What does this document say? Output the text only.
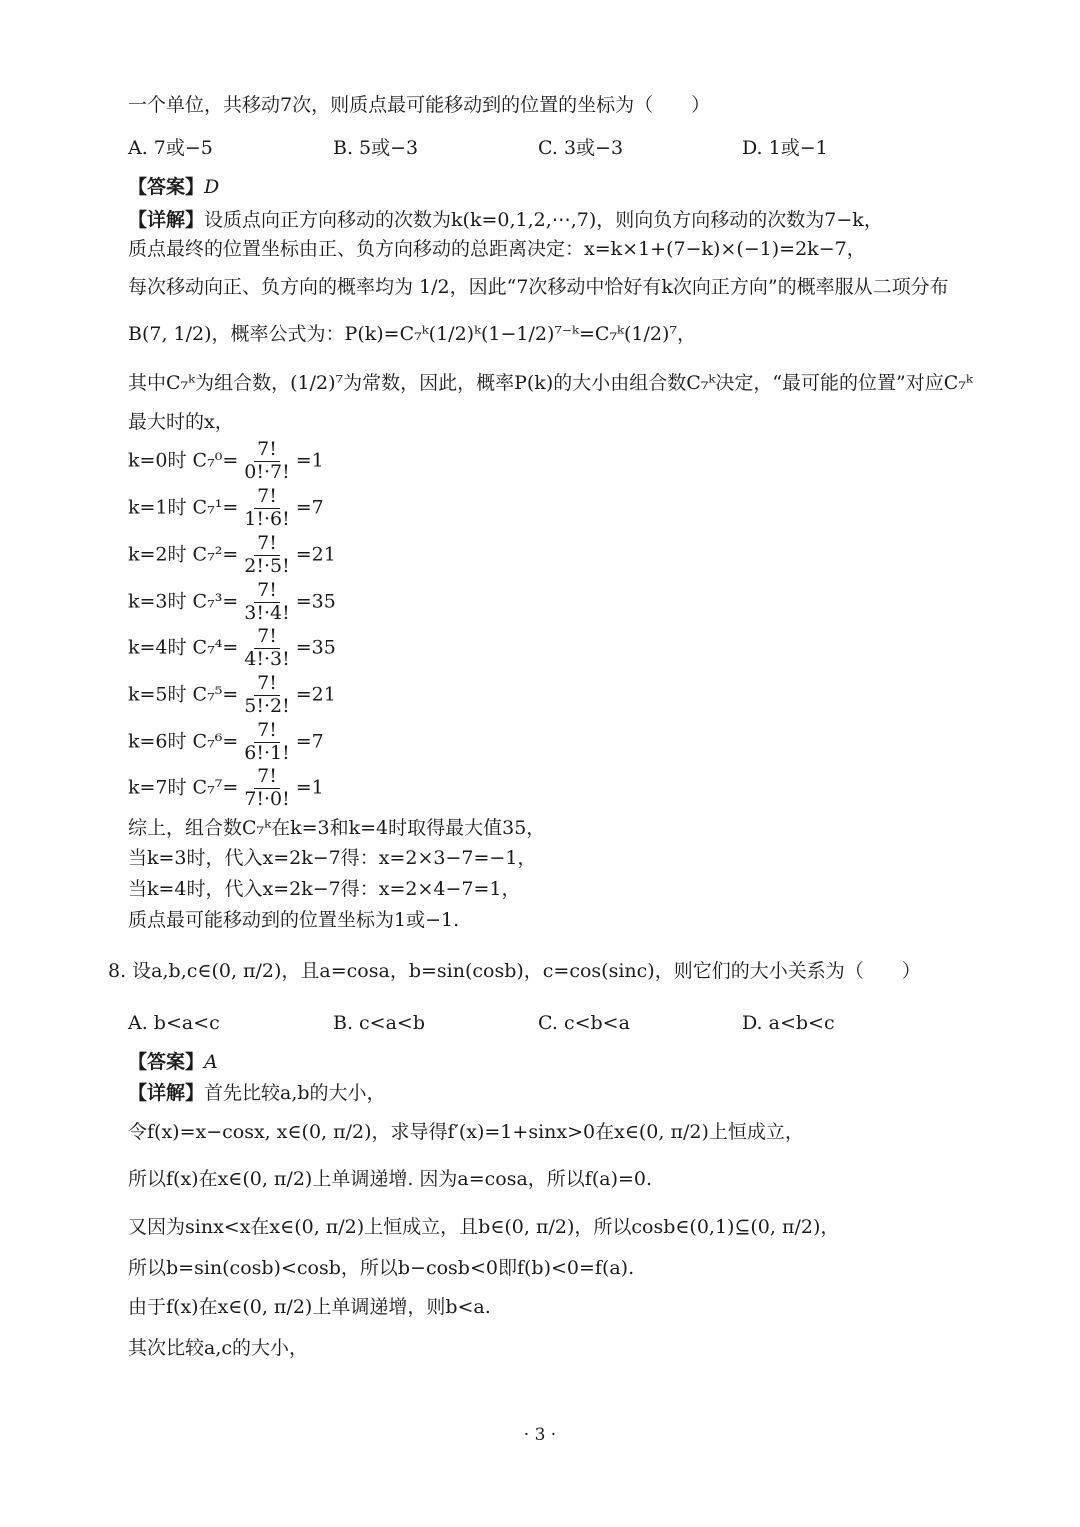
一个单位，共移动7次，则质点最可能移动到的位置的坐标为（　　）
A. 7或−5	B. 5或−3	C. 3或−3	D. 1或−1
【答案】D
【详解】设质点向正方向移动的次数为k(k=0,1,2,⋯,7)，则向负方向移动的次数为7−k，
质点最终的位置坐标由正、负方向移动的总距离决定：x=k×1+(7−k)×(−1)=2k−7，
每次移动向正、负方向的概率均为 1/2，因此“7次移动中恰好有k次向正方向”的概率服从二项分布
B(7, 1/2)，概率公式为：P(k)=C₇ᵏ(1/2)ᵏ(1−1/2)⁷⁻ᵏ=C₇ᵏ(1/2)⁷，
其中C₇ᵏ为组合数，(1/2)⁷为常数，因此，概率P(k)的大小由组合数C₇ᵏ决定，“最可能的位置”对应C₇ᵏ
最大时的x，
k=0时 $C_7^0= \frac{7!}{0!\cdot 7!} =1$
k=1时 $C_7^1= \frac{7!}{1!\cdot 6!} =7$
k=2时 $C_7^2= \frac{7!}{2!\cdot 5!} =21$
k=3时 $C_7^3= \frac{7!}{3!\cdot 4!} =35$
k=4时 $C_7^4= \frac{7!}{4!\cdot 3!} =35$
k=5时 $C_7^5= \frac{7!}{5!\cdot 2!} =21$
k=6时 $C_7^6= \frac{7!}{6!\cdot 1!} =7$
k=7时 $C_7^7= \frac{7!}{7!\cdot 0!} =1$
综上，组合数C₇ᵏ在k=3和k=4时取得最大值35，
当k=3时，代入x=2k−7得：x=2×3−7=−1，
当k=4时，代入x=2k−7得：x=2×4−7=1，
质点最可能移动到的位置坐标为1或−1.
8. 设a,b,c∈(0, π/2)，且a=cosa，b=sin(cosb)，c=cos(sinc)，则它们的大小关系为（　　）
A. b<a<c	B. c<a<b	C. c<b<a	D. a<b<c
【答案】A
【详解】首先比较a,b的大小，
令f(x)=x−cosx, x∈(0, π/2)，求导得f′(x)=1+sinx>0在x∈(0, π/2)上恒成立，
所以f(x)在x∈(0, π/2)上单调递增. 因为a=cosa，所以f(a)=0.
又因为sinx<x在x∈(0, π/2)上恒成立，且b∈(0, π/2)，所以cosb∈(0,1)⊆(0, π/2)，
所以b=sin(cosb)<cosb，所以b−cosb<0即f(b)<0=f(a).
由于f(x)在x∈(0, π/2)上单调递增，则b<a.
其次比较a,c的大小，
· 3 ·
